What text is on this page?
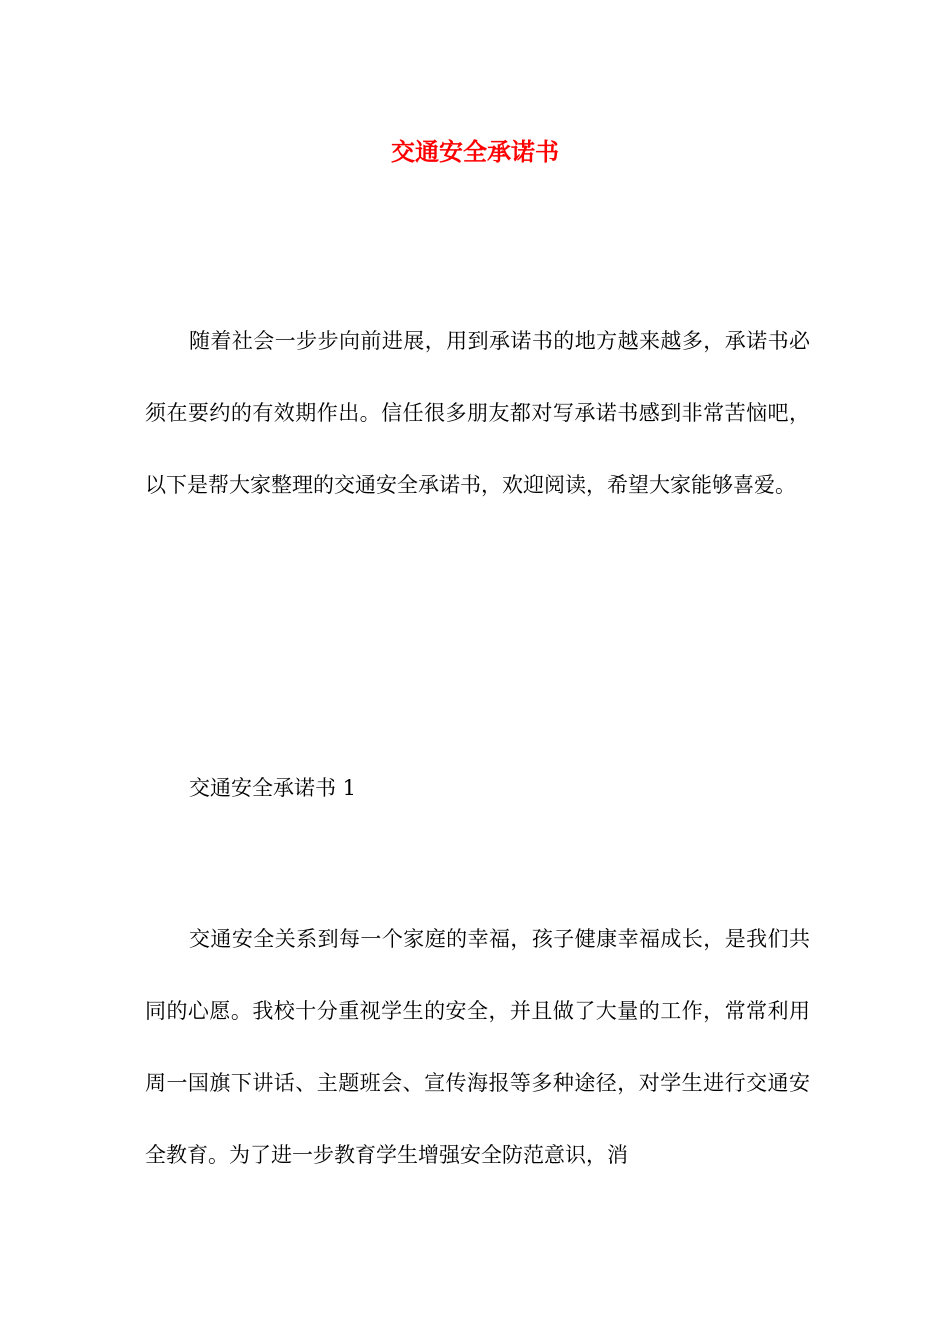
交通安全承诺书

随着社会一步步向前进展，用到承诺书的地方越来越多，承诺书必须在要约的有效期作出。信任很多朋友都对写承诺书感到非常苦恼吧，以下是帮大家整理的交通安全承诺书，欢迎阅读，希望大家能够喜爱。

交通安全承诺书 1

交通安全关系到每一个家庭的幸福，孩子健康幸福成长，是我们共同的心愿。我校十分重视学生的安全，并且做了大量的工作，常常利用周一国旗下讲话、主题班会、宣传海报等多种途径，对学生进行交通安全教育。为了进一步教育学生增强安全防范意识，消
